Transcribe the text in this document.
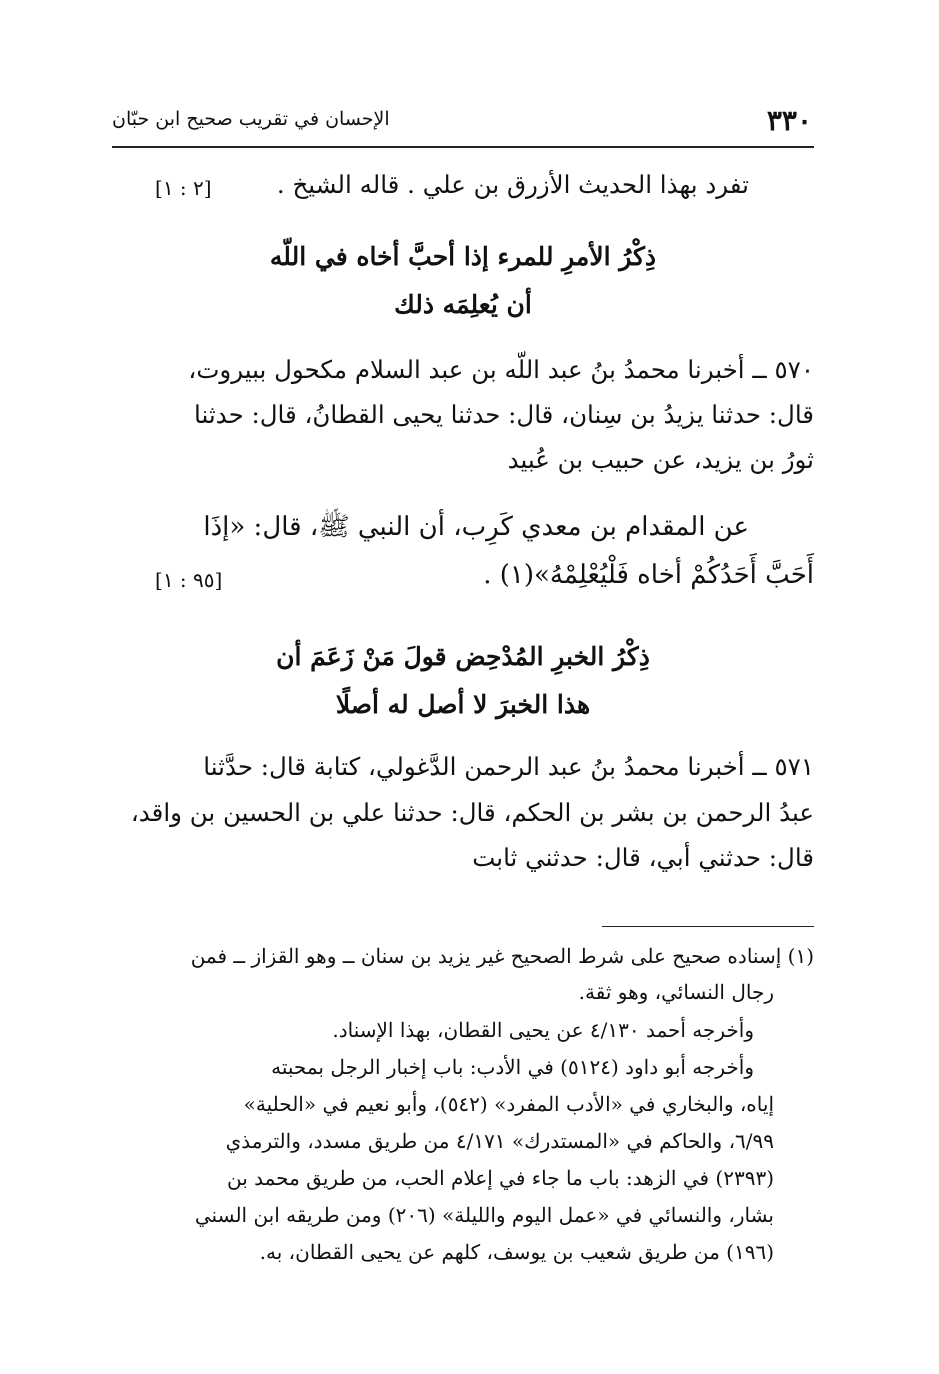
٣٣٠
الإحسان في تقريب صحيح ابن حبّان
تفرد بهذا الحديث الأزرق بن علي . قاله الشيخ .
[٢ : ١]
ذِكْرُ الأمرِ للمرء إذا أحبَّ أخاه في اللّه
أن يُعلِمَه ذلك
٥٧٠ ــ أخبرنا محمدُ بنُ عبد اللّه بن عبد السلام مكحول ببيروت،
قال: حدثنا يزيدُ بن سِنان، قال: حدثنا يحيى القطانُ، قال: حدثنا
ثورُ بن يزيد، عن حبيب بن عُبيد
عن المقدام بن معدي كَرِب، أن النبي ﷺ، قال: «إذَا
أَحَبَّ أَحَدُكُمْ أخاه فَلْيُعْلِمْهُ»(١) .
[٩٥ : ١]
ذِكْرُ الخبرِ المُدْحِض قولَ مَنْ زَعَمَ أن
هذا الخبرَ لا أصل له أصلًا
٥٧١ ــ أخبرنا محمدُ بنُ عبد الرحمن الدَّغولي، كتابة قال: حدَّثنا
عبدُ الرحمن بن بشر بن الحكم، قال: حدثنا علي بن الحسين بن واقد،
قال: حدثني أبي، قال: حدثني ثابت
(١) إسناده صحيح على شرط الصحيح غير يزيد بن سنان ــ وهو القزاز ــ فمن
رجال النسائي، وهو ثقة.
وأخرجه أحمد ٤/١٣٠ عن يحيى القطان، بهذا الإسناد.
وأخرجه أبو داود (٥١٢٤) في الأدب: باب إخبار الرجل بمحبته
إياه، والبخاري في «الأدب المفرد» (٥٤٢)، وأبو نعيم في «الحلية»
٦/٩٩، والحاكم في «المستدرك» ٤/١٧١ من طريق مسدد، والترمذي
(٢٣٩٣) في الزهد: باب ما جاء في إعلام الحب، من طريق محمد بن
بشار، والنسائي في «عمل اليوم والليلة» (٢٠٦) ومن طريقه ابن السني
(١٩٦) من طريق شعيب بن يوسف، كلهم عن يحيى القطان، به.
